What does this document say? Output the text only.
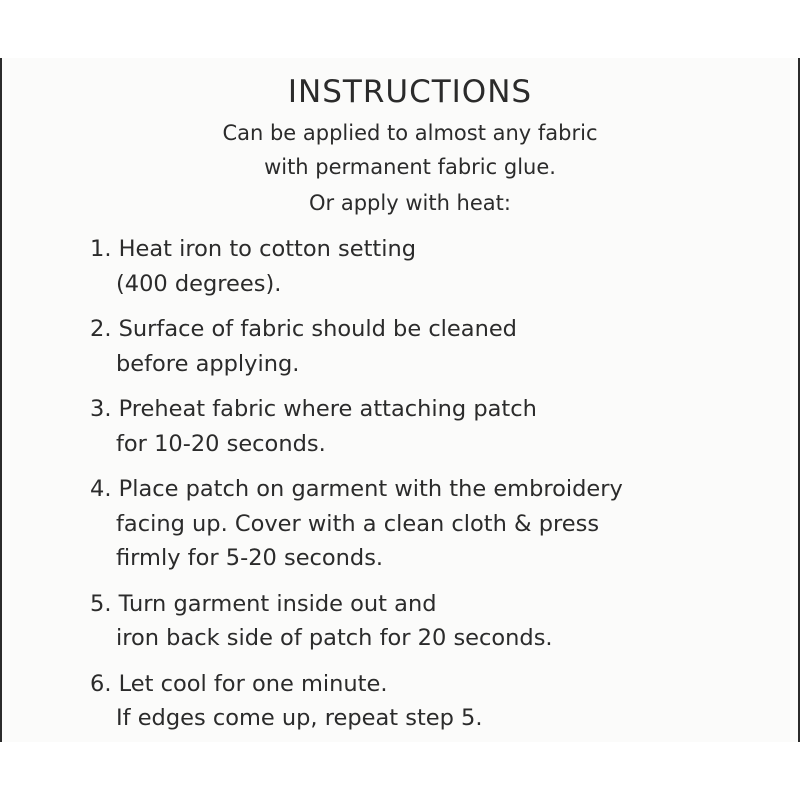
INSTRUCTIONS
Can be applied to almost any fabric
with permanent fabric glue.
Or apply with heat:
1. Heat iron to cotton setting
(400 degrees).
2. Surface of fabric should be cleaned
before applying.
3. Preheat fabric where attaching patch
for 10-20 seconds.
4. Place patch on garment with the embroidery
facing up. Cover with a clean cloth & press
firmly for 5-20 seconds.
5. Turn garment inside out and
iron back side of patch for 20 seconds.
6. Let cool for one minute.
If edges come up, repeat step 5.
